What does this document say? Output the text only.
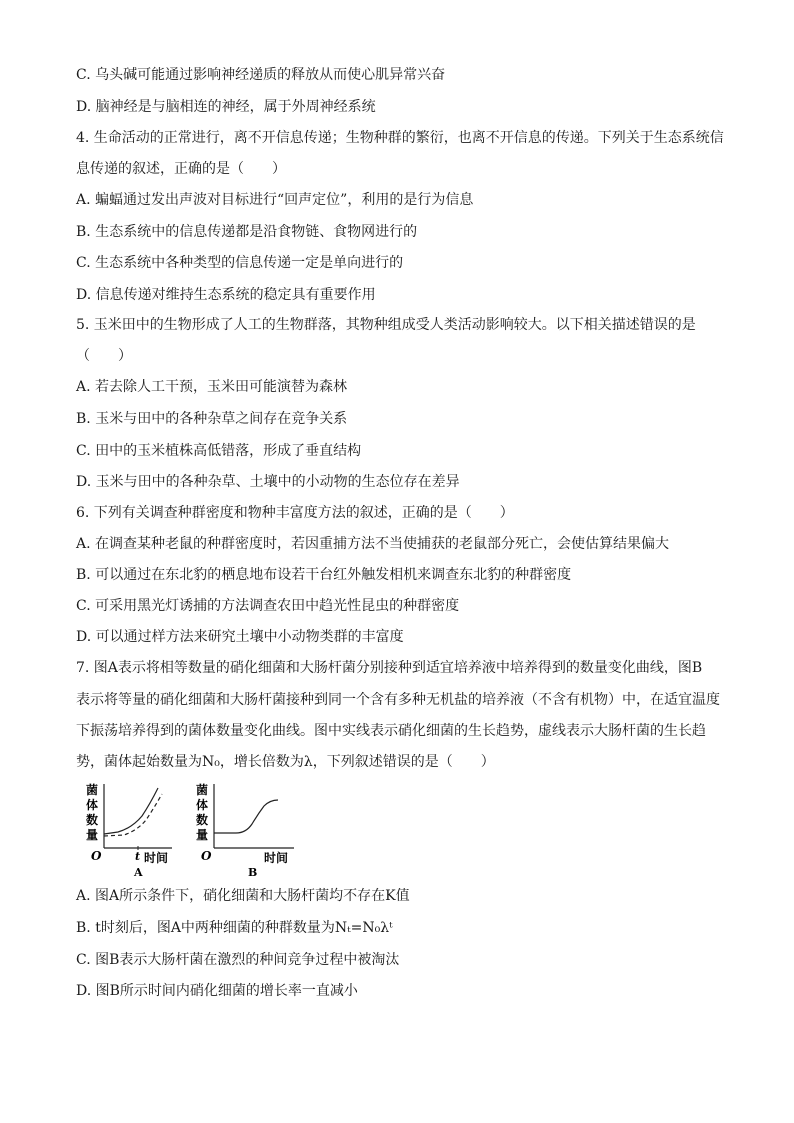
C. 乌头碱可能通过影响神经递质的释放从而使心肌异常兴奋
D. 脑神经是与脑相连的神经，属于外周神经系统
4. 生命活动的正常进行，离不开信息传递；生物种群的繁衍，也离不开信息的传递。下列关于生态系统信
息传递的叙述，正确的是（　　）
A. 蝙蝠通过发出声波对目标进行“回声定位”，利用的是行为信息
B. 生态系统中的信息传递都是沿食物链、食物网进行的
C. 生态系统中各种类型的信息传递一定是单向进行的
D. 信息传递对维持生态系统的稳定具有重要作用
5. 玉米田中的生物形成了人工的生物群落，其物种组成受人类活动影响较大。以下相关描述错误的是
（　　）
A. 若去除人工干预，玉米田可能演替为森林
B. 玉米与田中的各种杂草之间存在竞争关系
C. 田中的玉米植株高低错落，形成了垂直结构
D. 玉米与田中的各种杂草、土壤中的小动物的生态位存在差异
6. 下列有关调查种群密度和物种丰富度方法的叙述，正确的是（　　）
A. 在调查某种老鼠的种群密度时，若因重捕方法不当使捕获的老鼠部分死亡，会使估算结果偏大
B. 可以通过在东北豹的栖息地布设若干台红外触发相机来调查东北豹的种群密度
C. 可采用黑光灯诱捕的方法调查农田中趋光性昆虫的种群密度
D. 可以通过样方法来研究土壤中小动物类群的丰富度
7. 图A表示将相等数量的硝化细菌和大肠杆菌分别接种到适宜培养液中培养得到的数量变化曲线，图B
表示将等量的硝化细菌和大肠杆菌接种到同一个含有多种无机盐的培养液（不含有机物）中，在适宜温度
下振荡培养得到的菌体数量变化曲线。图中实线表示硝化细菌的生长趋势，虚线表示大肠杆菌的生长趋
势，菌体起始数量为N₀，增长倍数为λ，下列叙述错误的是（　　）
菌
体
数
量
O	t 时间
A
菌
体
数
量
O	时间
B
A. 图A所示条件下，硝化细菌和大肠杆菌均不存在K值
B. t时刻后，图A中两种细菌的种群数量为Nₜ=N₀λᵗ
C. 图B表示大肠杆菌在激烈的种间竞争过程中被淘汰
D. 图B所示时间内硝化细菌的增长率一直减小
